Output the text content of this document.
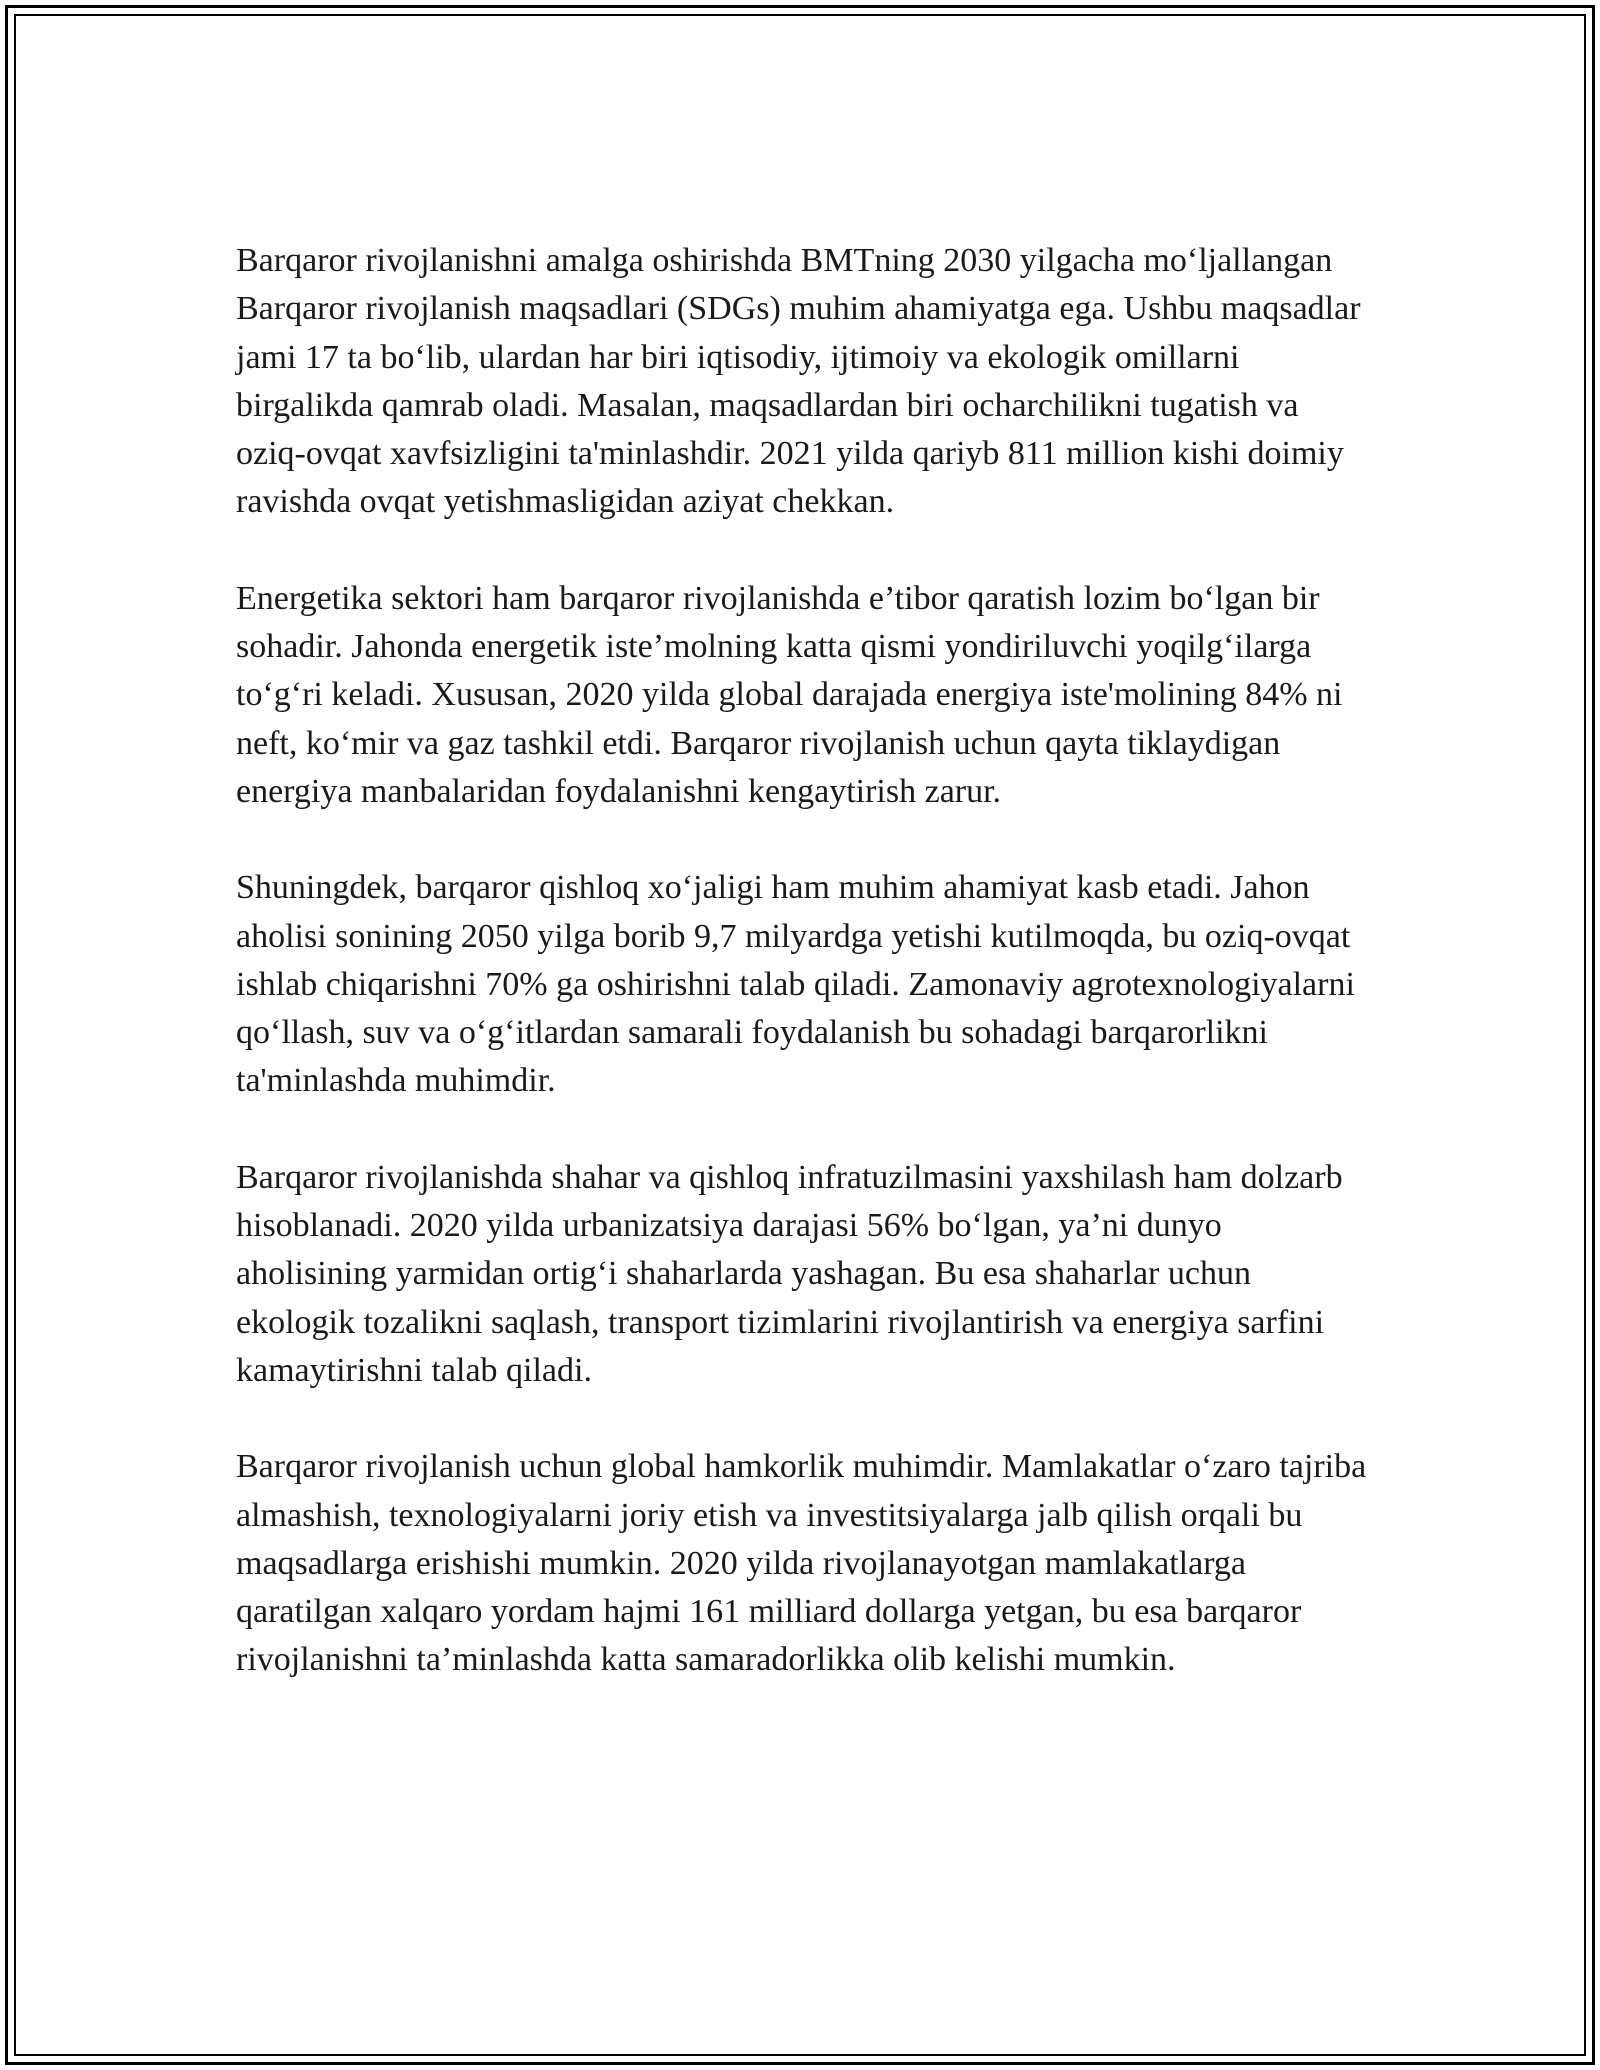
Barqaror rivojlanishni amalga oshirishda BMTning 2030 yilgacha mo‘ljallangan Barqaror rivojlanish maqsadlari (SDGs) muhim ahamiyatga ega. Ushbu maqsadlar jami 17 ta bo‘lib, ulardan har biri iqtisodiy, ijtimoiy va ekologik omillarni birgalikda qamrab oladi. Masalan, maqsadlardan biri ocharchilikni tugatish va oziq-ovqat xavfsizligini ta'minlashdir. 2021 yilda qariyb 811 million kishi doimiy ravishda ovqat yetishmasligidan aziyat chekkan.

Energetika sektori ham barqaror rivojlanishda e’tibor qaratish lozim bo‘lgan bir sohadir. Jahonda energetik iste’molning katta qismi yondiriluvchi yoqilg‘ilarga to‘g‘ri keladi. Xususan, 2020 yilda global darajada energiya iste'molining 84% ni neft, ko‘mir va gaz tashkil etdi. Barqaror rivojlanish uchun qayta tiklaydigan energiya manbalaridan foydalanishni kengaytirish zarur.

Shuningdek, barqaror qishloq xo‘jaligi ham muhim ahamiyat kasb etadi. Jahon aholisi sonining 2050 yilga borib 9,7 milyardga yetishi kutilmoqda, bu oziq-ovqat ishlab chiqarishni 70% ga oshirishni talab qiladi. Zamonaviy agrotexnologiyalarni qo‘llash, suv va o‘g‘itlardan samarali foydalanish bu sohadagi barqarorlikni ta'minlashda muhimdir.

Barqaror rivojlanishda shahar va qishloq infratuzilmasini yaxshilash ham dolzarb hisoblanadi. 2020 yilda urbanizatsiya darajasi 56% bo‘lgan, ya’ni dunyo aholisining yarmidan ortig‘i shaharlarda yashagan. Bu esa shaharlar uchun ekologik tozalikni saqlash, transport tizimlarini rivojlantirish va energiya sarfini kamaytirishni talab qiladi.

Barqaror rivojlanish uchun global hamkorlik muhimdir. Mamlakatlar o‘zaro tajriba almashish, texnologiyalarni joriy etish va investitsiyalarga jalb qilish orqali bu maqsadlarga erishishi mumkin. 2020 yilda rivojlanayotgan mamlakatlarga qaratilgan xalqaro yordam hajmi 161 milliard dollarga yetgan, bu esa barqaror rivojlanishni ta’minlashda katta samaradorlikka olib kelishi mumkin.
